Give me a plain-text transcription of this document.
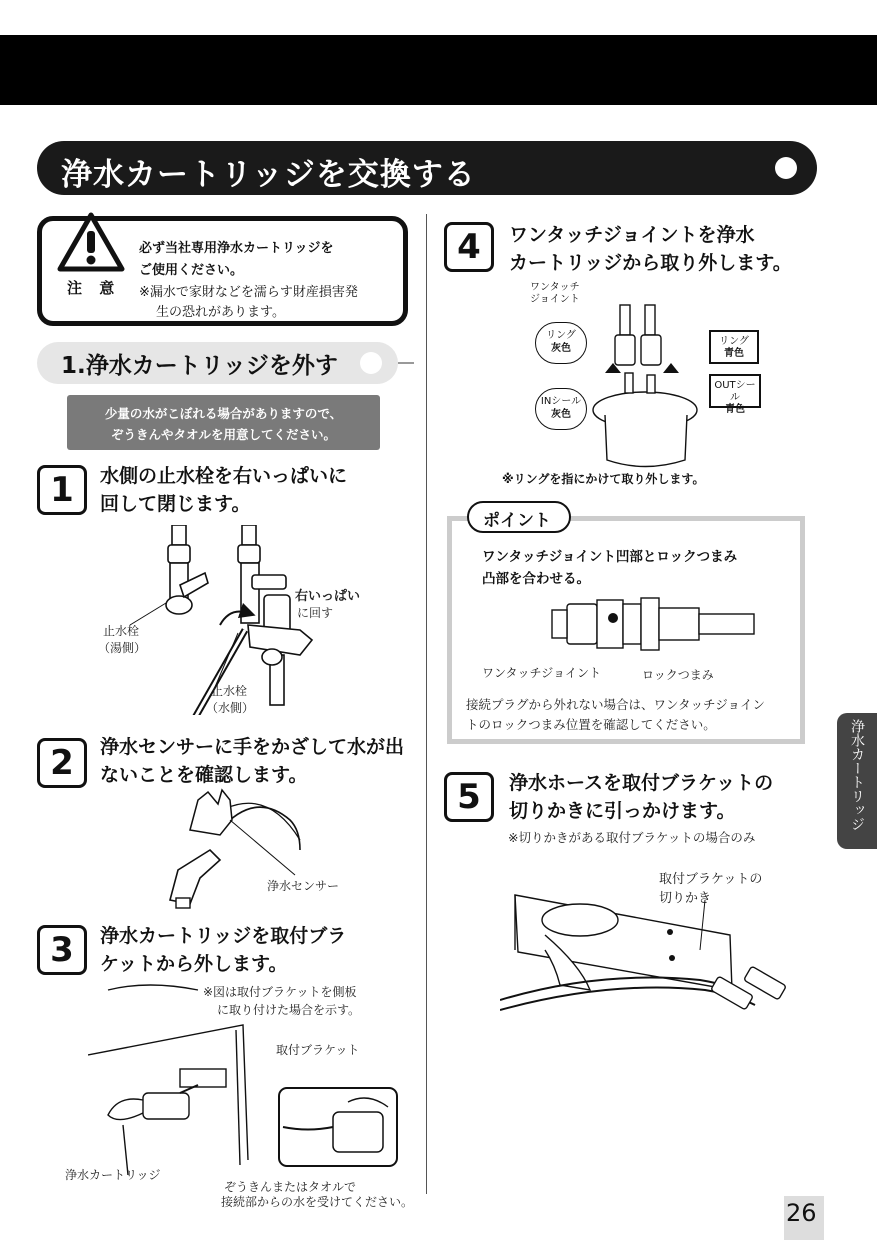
浄水カートリッジを交換する
注 意
必ず当社専用浄水カートリッジを
ご使用ください。
※漏水で家財などを濡らす財産損害発
生の恐れがあります。
1.浄水カートリッジを外す
少量の水がこぼれる場合がありますので、
ぞうきんやタオルを用意してください。
1	水側の止水栓を右いっぱいに
回して閉じます。
止水栓
（湯側）
右いっぱい
に回す
止水栓
（水側）
2	浄水センサーに手をかざして水が出
ないことを確認します。
浄水センサー
3	浄水カートリッジを取付ブラ
ケットから外します。
※図は取付ブラケットを側板
に取り付けた場合を示す。
取付ブラケット
浄水カートリッジ
ぞうきんまたはタオルで
接続部からの水を受けてください。
4	ワンタッチジョイントを浄水
カートリッジから取り外します。
ワンタッチ
ジョイント
リング
灰色
リング
青色
INシール
灰色
OUTシール
青色
※リングを指にかけて取り外します。
ワンタッチジョイント凹部とロックつまみ
凸部を合わせる。
ワンタッチジョイント	ロックつまみ
接続プラグから外れない場合は、ワンタッチジョイン
トのロックつまみ位置を確認してください。
ポイント
5	浄水ホースを取付ブラケットの
切りかきに引っかけます。
※切りかきがある取付ブラケットの場合のみ
取付ブラケットの
切りかき
浄水カートリッジ
26
